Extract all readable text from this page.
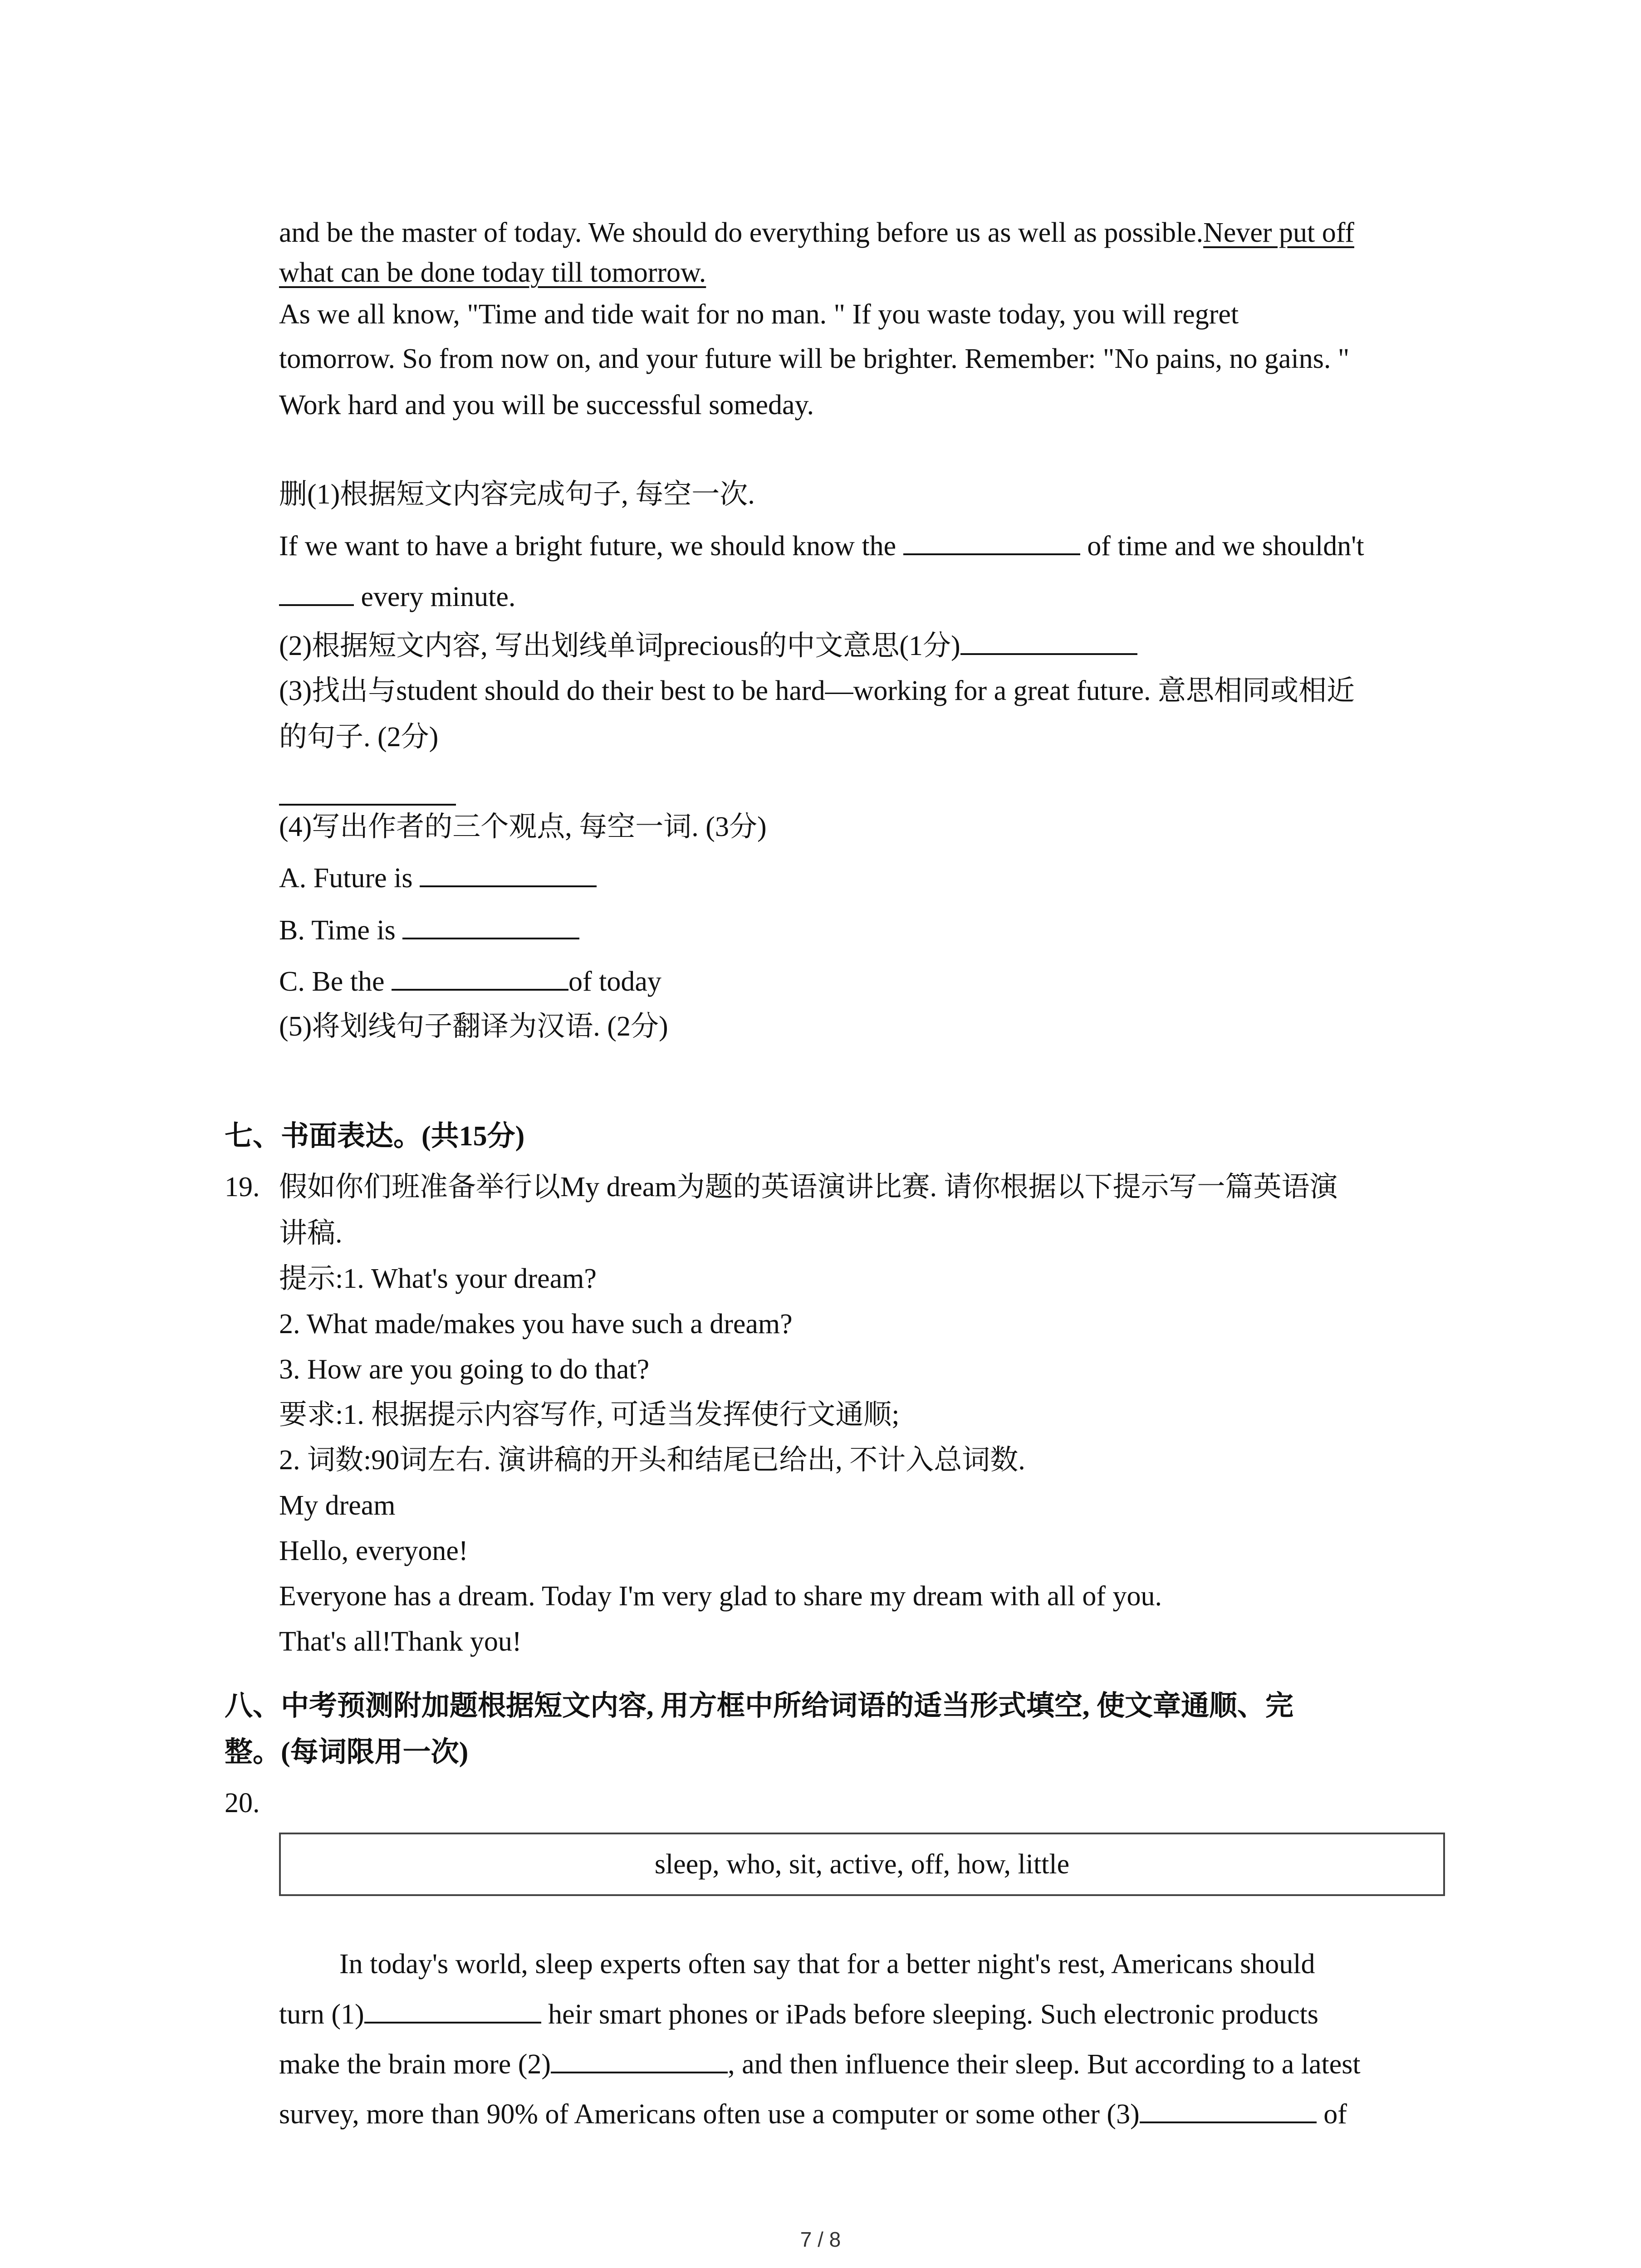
and be the master of today. We should do everything before us as well as possible.Never put off
what can be done today till tomorrow.
As we all know, "Time and tide wait for no man. " If you waste today, you will regret
tomorrow. So from now on, and your future will be brighter. Remember: "No pains, no gains. "
Work hard and you will be successful someday.
删(1)根据短文内容完成句子, 每空一次.
If we want to have a bright future, we should know the	of time and we shouldn't
every minute.
(2)根据短文内容, 写出划线单词precious的中文意思(1分)
(3)找出与student should do their best to be hard—working for a great future. 意思相同或相近
的句子. (2分)
(4)写出作者的三个观点, 每空一词. (3分)
A. Future is
B. Time is
C. Be the	of today
(5)将划线句子翻译为汉语. (2分)
七、书面表达。(共15分)
19. 假如你们班准备举行以My dream为题的英语演讲比赛. 请你根据以下提示写一篇英语演
讲稿.
提示:1. What's your dream?
2. What made/makes you have such a dream?
3. How are you going to do that?
要求:1. 根据提示内容写作, 可适当发挥使行文通顺;
2. 词数:90词左右. 演讲稿的开头和结尾已给出, 不计入总词数.
My dream
Hello, everyone!
Everyone has a dream. Today I'm very glad to share my dream with all of you.
That's all!Thank you!
八、中考预测附加题根据短文内容, 用方框中所给词语的适当形式填空, 使文章通顺、完
整。(每词限用一次)
20.
sleep, who, sit, active, off, how, little
In today's world, sleep experts often say that for a better night's rest, Americans should
turn (1)	heir smart phones or iPads before sleeping. Such electronic products
make the brain more (2)	, and then influence their sleep. But according to a latest
survey, more than 90% of Americans often use a computer or some other (3)	of
7 / 8
